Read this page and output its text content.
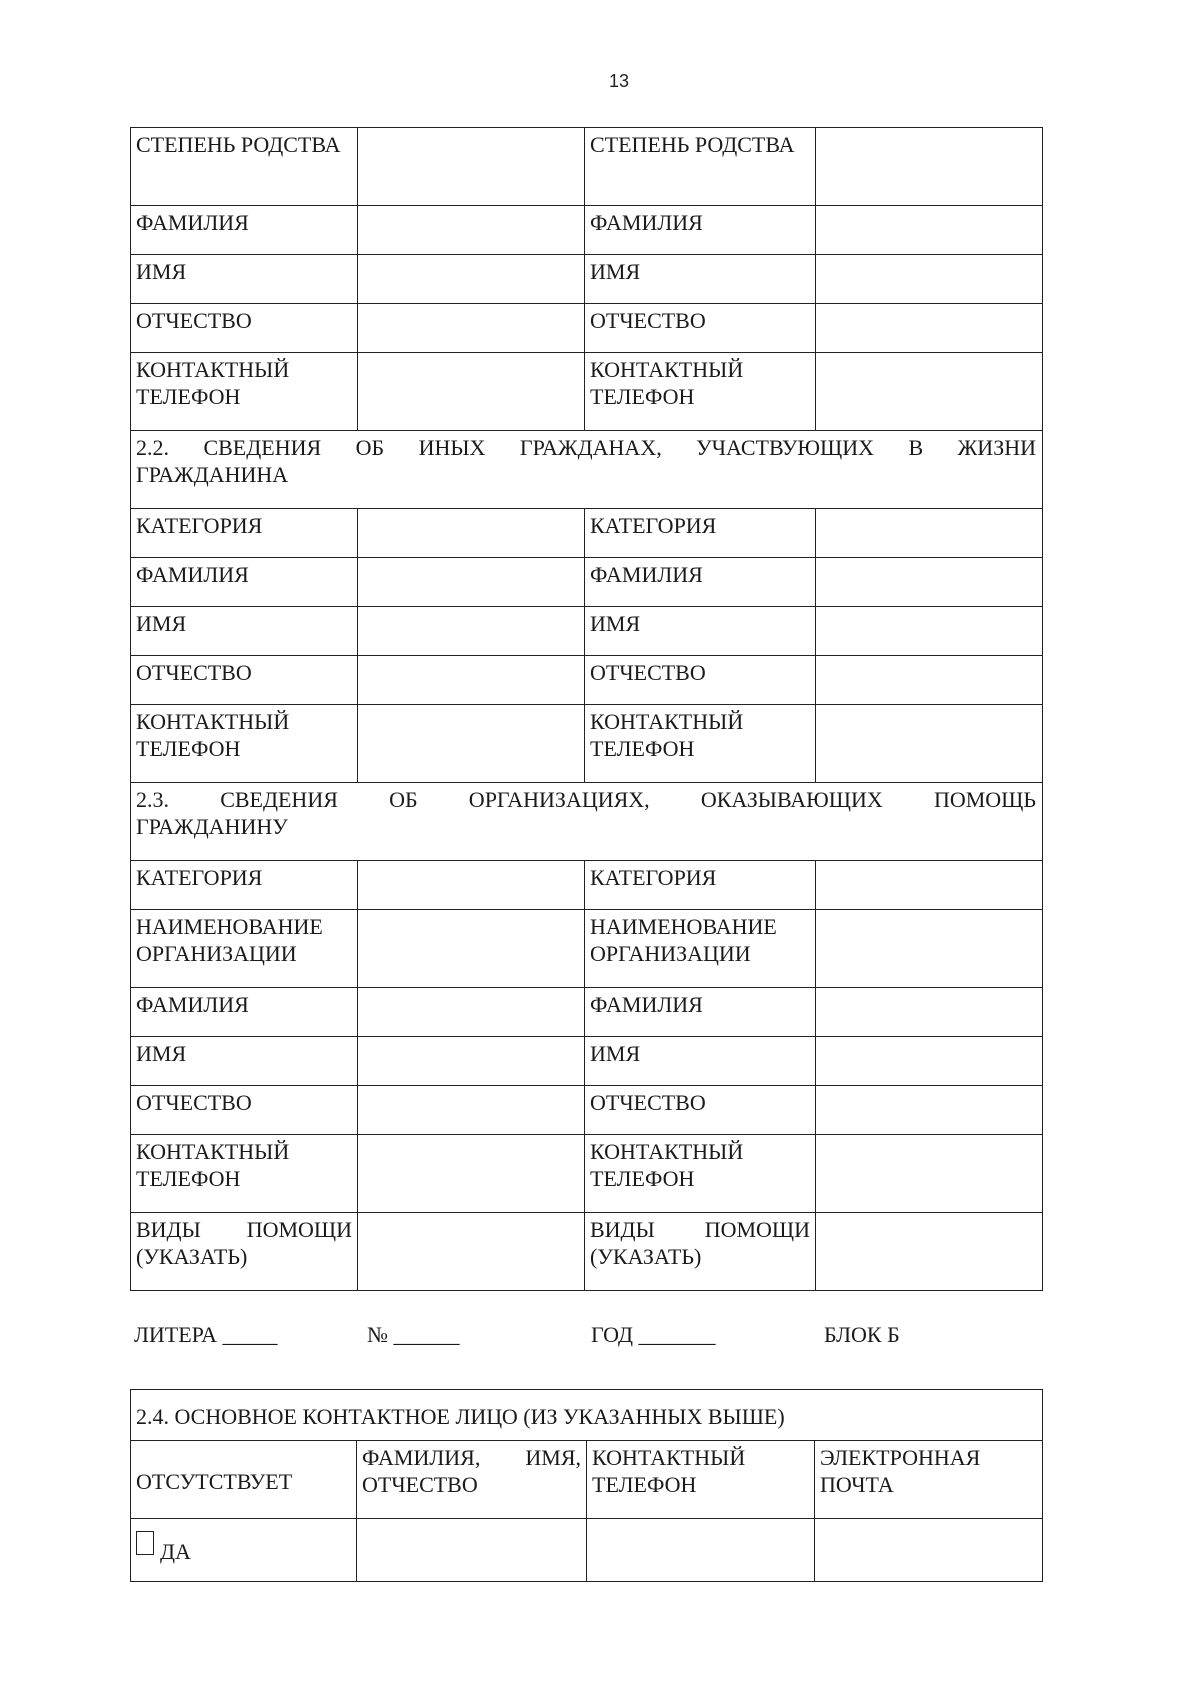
13
СТЕПЕНЬ РОДСТВА		СТЕПЕНЬ РОДСТВА	
ФАМИЛИЯ		ФАМИЛИЯ	
ИМЯ		ИМЯ	
ОТЧЕСТВО		ОТЧЕСТВО	
КОНТАКТНЫЙ ТЕЛЕФОН		КОНТАКТНЫЙ ТЕЛЕФОН	
2.2. СВЕДЕНИЯ ОБ ИНЫХ ГРАЖДАНАХ, УЧАСТВУЮЩИХ В ЖИЗНИ
ГРАЖДАНИНА			

КАТЕГОРИЯ		КАТЕГОРИЯ	
ФАМИЛИЯ		ФАМИЛИЯ	
ИМЯ		ИМЯ	
ОТЧЕСТВО		ОТЧЕСТВО	
КОНТАКТНЫЙ ТЕЛЕФОН		КОНТАКТНЫЙ ТЕЛЕФОН	
2.3. СВЕДЕНИЯ ОБ ОРГАНИЗАЦИЯХ, ОКАЗЫВАЮЩИХ ПОМОЩЬ
ГРАЖДАНИНУ			

КАТЕГОРИЯ		КАТЕГОРИЯ	
НАИМЕНОВАНИЕ ОРГАНИЗАЦИИ		НАИМЕНОВАНИЕ ОРГАНИЗАЦИИ	
ФАМИЛИЯ		ФАМИЛИЯ	
ИМЯ		ИМЯ	
ОТЧЕСТВО		ОТЧЕСТВО	
КОНТАКТНЫЙ ТЕЛЕФОН		КОНТАКТНЫЙ ТЕЛЕФОН	
ВИДЫ ПОМОЩИ (УКАЗАТЬ)		ВИДЫ ПОМОЩИ (УКАЗАТЬ)	
ЛИТЕРА _____	№ ______	ГОД _______	БЛОК Б
2.4. ОСНОВНОЕ КОНТАКТНОЕ ЛИЦО (ИЗ УКАЗАННЫХ ВЫШЕ)			
ОТСУТСТВУЕТ	ФАМИЛИЯ, ИМЯ, ОТЧЕСТВО	КОНТАКТНЫЙ ТЕЛЕФОН	ЭЛЕКТРОННАЯ ПОЧТА
ДА			
